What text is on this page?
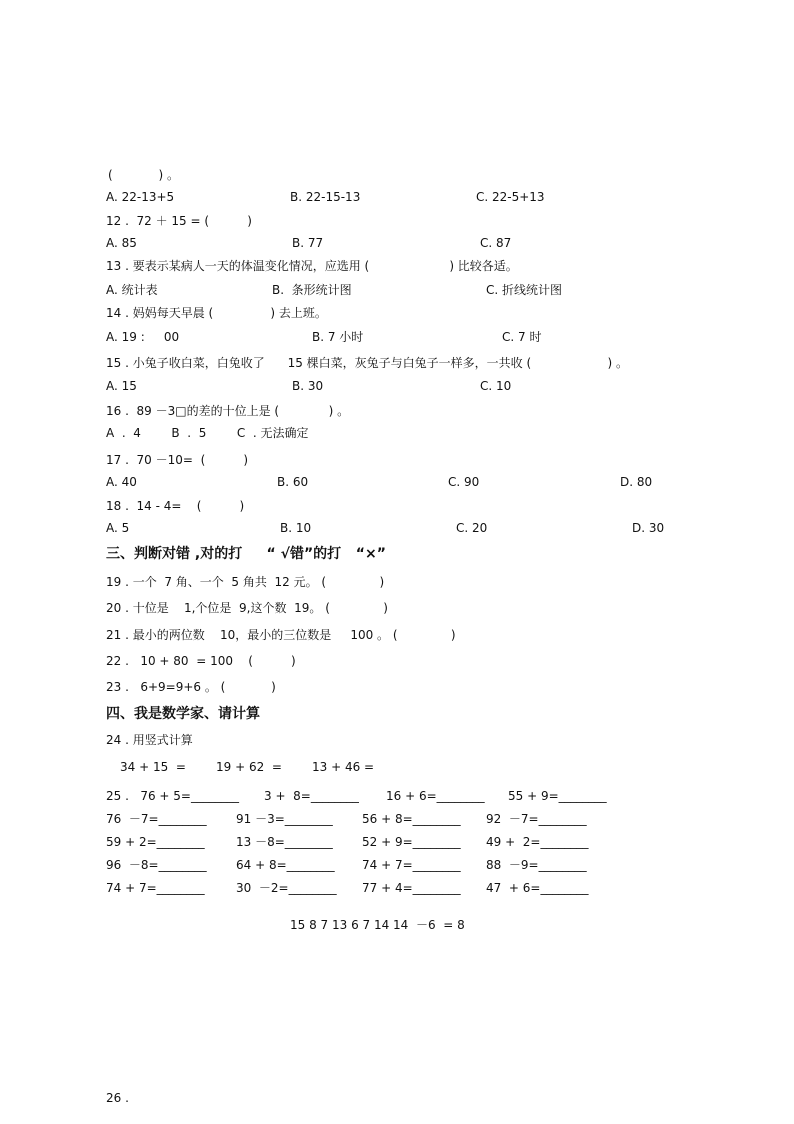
(            ) 。
A. 22-13+5	B. 22-15-13	C. 22-5+13
12 .  72 ＋ 15 = (          )
A. 85	B. 77	C. 87
13 . 要表示某病人一天的体温变化情况，应选用 (                     ) 比较各适。
A. 统计表	B.  条形统计图	C. 折线统计图
14 . 妈妈每天早晨 (               ) 去上班。
A. 19 :     00	B. 7 小时	C. 7 时
15 . 小兔子收白菜，白兔收了      15 棵白菜，灰兔子与白兔子一样多，一共收 (                    ) 。
A. 15	B. 30	C. 10
16 .  89 －3□的差的十位上是 (             ) 。
A  .  4        B  .  5        C  . 无法确定
17 .  70 －10=  (          )
A. 40	B. 60	C. 90	D. 80
18 .  14 - 4=    (          )
A. 5	B. 10	C. 20	D. 30
三、判断对错 ,对的打     “ √错”的打   “×”
19 . 一个  7 角、一个  5 角共  12 元。 (              )
20 . 十位是    1,个位是  9,这个数  19。 (              )
21 . 最小的两位数    10，最小的三位数是     100 。 (              )
22 .   10 + 80  = 100    (          )
23 .   6+9=9+6 。 (            )
四、我是数学家、请计算
24 . 用竖式计算
34 + 15  =	19 + 62  =	13 + 46 =
25 .   76 + 5=________ 3 +  8=________ 16 + 6=________ 55 + 9=________
76  －7=________ 91 －3=________ 56 + 8=________ 92  －7=________
59 + 2=________	13 －8=________ 52 + 9=________ 49 +  2=________
96  －8=________ 64 + 8=________ 74 + 7=________ 88  －9=________
74 + 7=________	30  －2=________ 77 + 4=________ 47  + 6=________
15 8 7 13 6 7 14 14  －6  = 8
26 .
